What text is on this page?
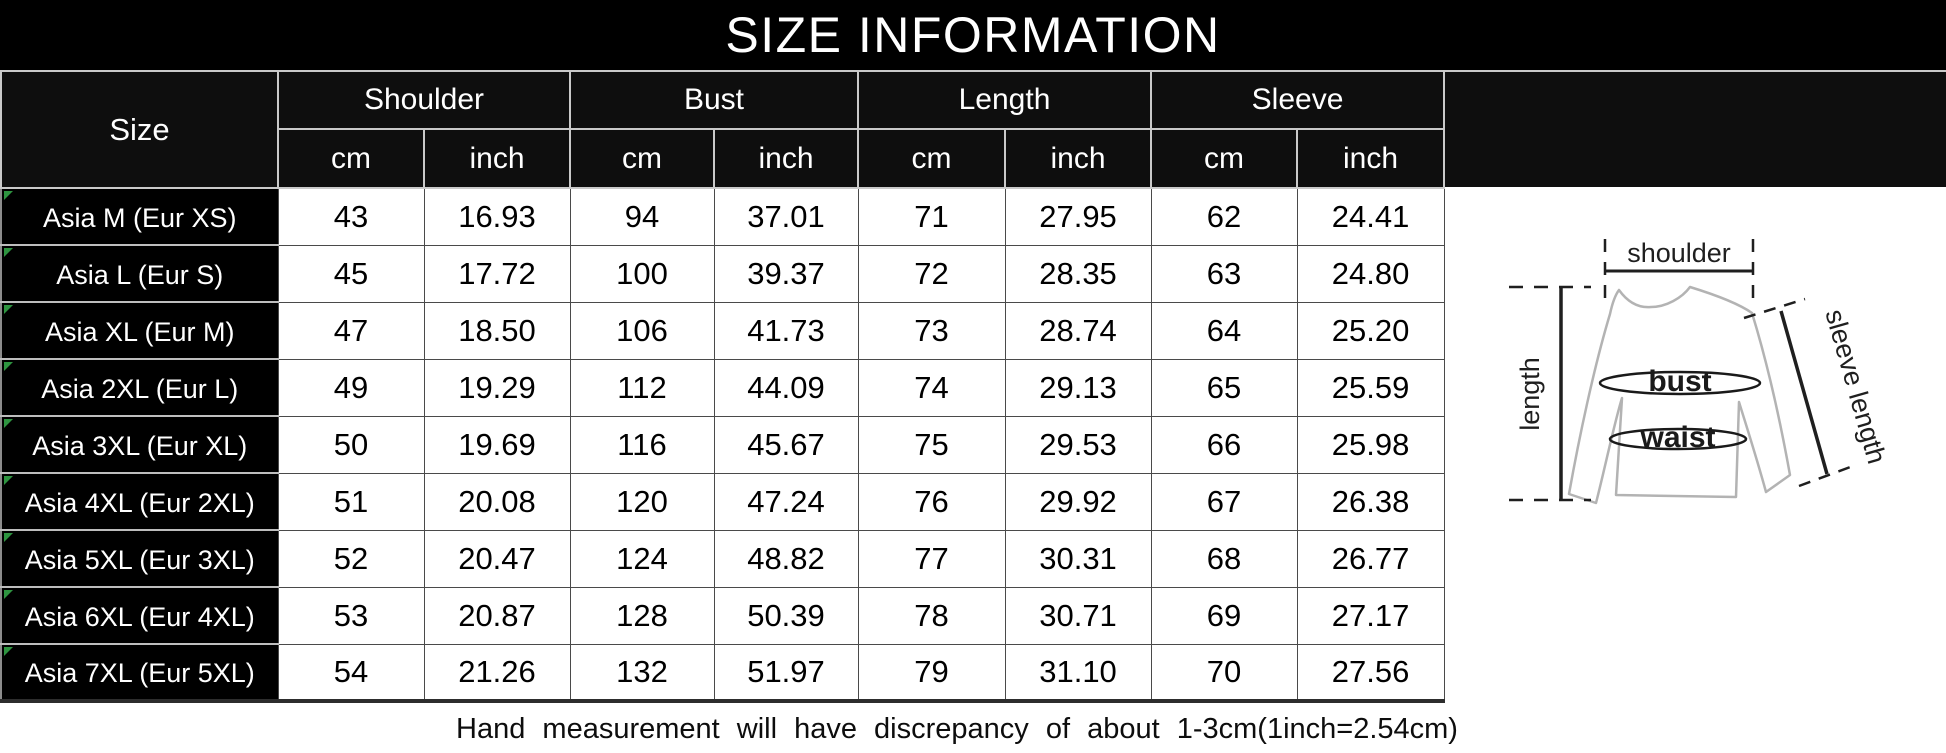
SIZE INFORMATION
Size	Shoulder		Bust		Length		Sleeve	
	cm	inch	cm	inch	cm	inch	cm	inch

Asia M (Eur XS)	43	16.93	94	37.01	71	27.95	62	24.41

Asia L (Eur S)	45	17.72	100	39.37	72	28.35	63	24.80

Asia XL (Eur M)	47	18.50	106	41.73	73	28.74	64	25.20

Asia 2XL (Eur L)	49	19.29	112	44.09	74	29.13	65	25.59

Asia 3XL (Eur XL)	50	19.69	116	45.67	75	29.53	66	25.98

Asia 4XL (Eur 2XL)	51	20.08	120	47.24	76	29.92	67	26.38

Asia 5XL (Eur 3XL)	52	20.47	124	48.82	77	30.31	68	26.77

Asia 6XL (Eur 4XL)	53	20.87	128	50.39	78	30.71	69	27.17

Asia 7XL (Eur 5XL)	54	21.26	132	51.97	79	31.10	70	27.56
shoulder
length	bust
waist	sleeve length
Hand measurement will have discrepancy of about 1-3cm(1inch=2.54cm)
